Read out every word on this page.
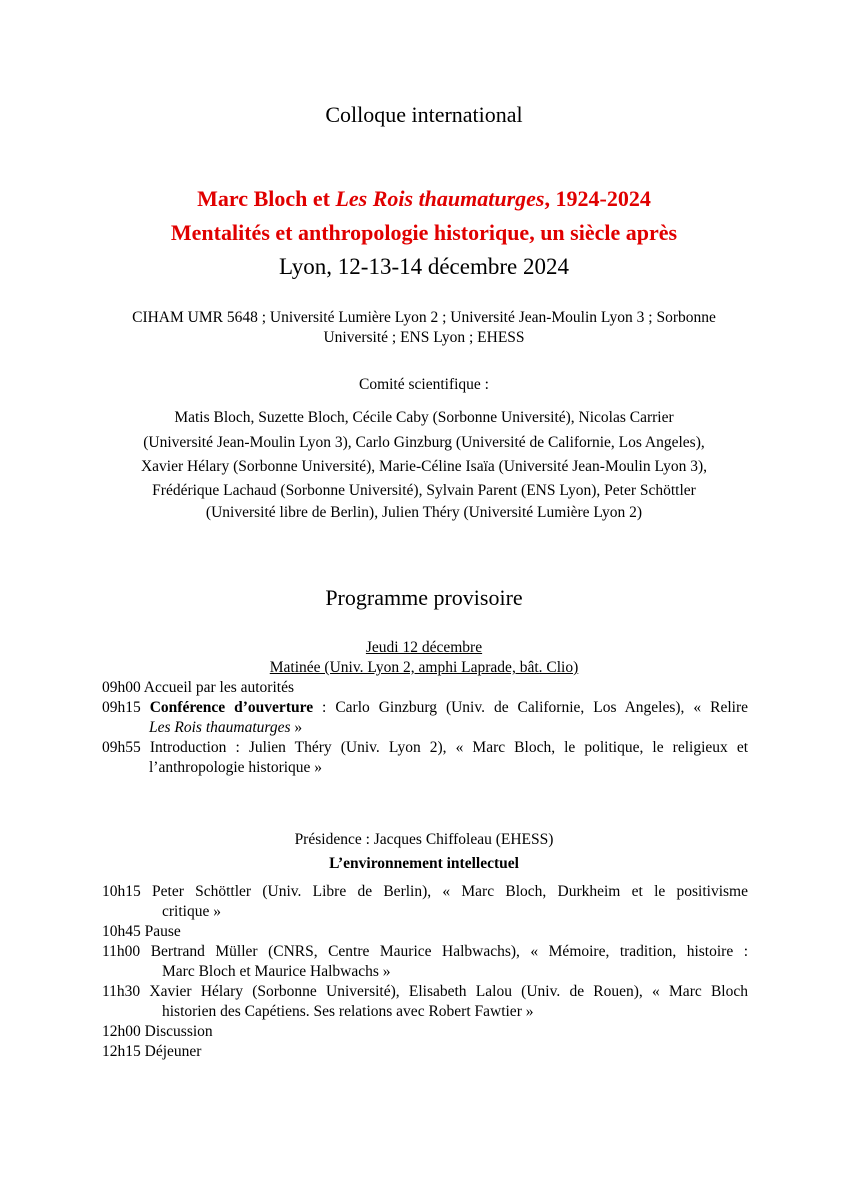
Colloque international
Marc Bloch et Les Rois thaumaturges, 1924-2024
Mentalités et anthropologie historique, un siècle après
Lyon, 12-13-14 décembre 2024
CIHAM UMR 5648 ; Université Lumière Lyon 2 ; Université Jean-Moulin Lyon 3 ; Sorbonne
Université ; ENS Lyon ; EHESS
Comité scientifique :
Matis Bloch, Suzette Bloch, Cécile Caby (Sorbonne Université), Nicolas Carrier
(Université Jean-Moulin Lyon 3), Carlo Ginzburg (Université de Californie, Los Angeles),
Xavier Hélary (Sorbonne Université), Marie-Céline Isaïa (Université Jean-Moulin Lyon 3),
Frédérique Lachaud (Sorbonne Université), Sylvain Parent (ENS Lyon), Peter Schöttler
(Université libre de Berlin), Julien Théry (Université Lumière Lyon 2)
Programme provisoire
Jeudi 12 décembre
Matinée (Univ. Lyon 2, amphi Laprade, bât. Clio)
09h00 Accueil par les autorités
09h15 Conférence d’ouverture : Carlo Ginzburg (Univ. de Californie, Los Angeles), « Relire
Les Rois thaumaturges »
09h55 Introduction : Julien Théry (Univ. Lyon 2), « Marc Bloch, le politique, le religieux et
l’anthropologie historique »
Présidence : Jacques Chiffoleau (EHESS)
L’environnement intellectuel
10h15 Peter Schöttler (Univ. Libre de Berlin), « Marc Bloch, Durkheim et le positivisme
critique »
10h45 Pause
11h00 Bertrand Müller (CNRS, Centre Maurice Halbwachs), « Mémoire, tradition, histoire :
Marc Bloch et Maurice Halbwachs »
11h30 Xavier Hélary (Sorbonne Université), Elisabeth Lalou (Univ. de Rouen), « Marc Bloch
historien des Capétiens. Ses relations avec Robert Fawtier »
12h00 Discussion
12h15 Déjeuner
